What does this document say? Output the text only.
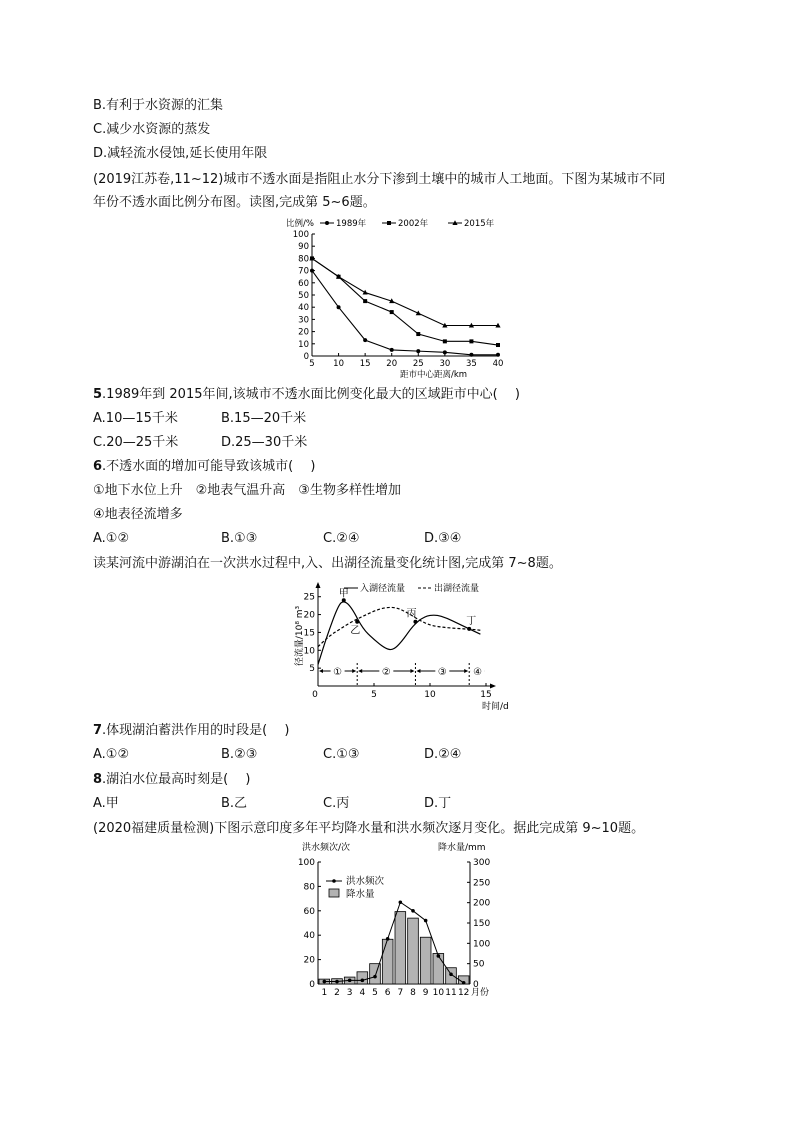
B.有利于水资源的汇集
C.减少水资源的蒸发
D.减轻流水侵蚀,延长使用年限
(2019江苏卷,11~12)城市不透水面是指阻止水分下渗到土壤中的城市人工地面。下图为某城市不同
年份不透水面比例分布图。读图,完成第 5~6题。
比例/%
0
10
20
30
40
50
60
70
80
90
100
5 10 15 20 25 30 35 40
距市中心距离/km
1989年	2002年	2015年
5.1989年到 2015年间,该城市不透水面比例变化最大的区域距市中心(　 )
A.10—15千米	B.15—20千米
C.20—25千米	D.25—30千米
6.不透水面的增加可能导致该城市(　 )
①地下水位上升　②地表气温升高　③生物多样性增加
④地表径流增多
A.①②	B.①③	C.②④	D.③④
读某河流中游湖泊在一次洪水过程中,入、出湖径流量变化统计图,完成第 7~8题。
径流量/10⁸ m³
5
10
15
20
25
0	5	10	15
时间/d
入湖径流量	出湖径流量
甲
乙
丙
丁
①	②	③	④
7.体现湖泊蓄洪作用的时段是(　 )
A.①②	B.②③	C.①③	D.②④
8.湖泊水位最高时刻是(　 )
A.甲	B.乙	C.丙	D.丁
(2020福建质量检测)下图示意印度多年平均降水量和洪水频次逐月变化。据此完成第 9~10题。
洪水频次/次	降水量/mm
0
20
40
60
80
100
0
50
100
150
200
250
300
1 2 3 4 5 6 7 8 9 10 11 12 月份
洪水频次
降水量
